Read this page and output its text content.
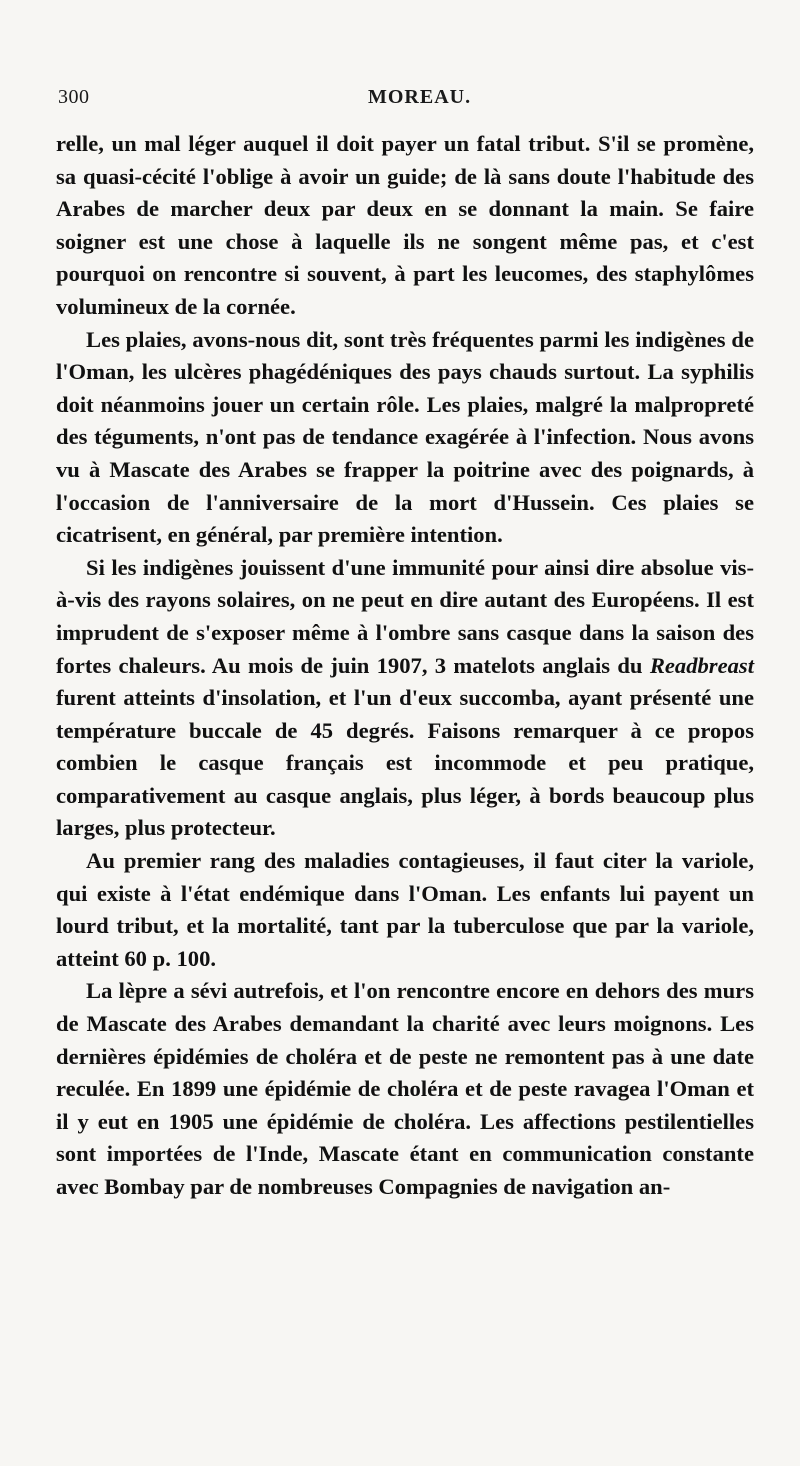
300	MOREAU.

relle, un mal léger auquel il doit payer un fatal tribut. S'il se promène, sa quasi-cécité l'oblige à avoir un guide; de là sans doute l'habitude des Arabes de marcher deux par deux en se donnant la main. Se faire soigner est une chose à laquelle ils ne songent même pas, et c'est pourquoi on rencontre si souvent, à part les leucomes, des staphylômes volumineux de la cornée.

Les plaies, avons-nous dit, sont très fréquentes parmi les indigènes de l'Oman, les ulcères phagédéniques des pays chauds surtout. La syphilis doit néanmoins jouer un certain rôle. Les plaies, malgré la malpropreté des téguments, n'ont pas de tendance exagérée à l'infection. Nous avons vu à Mascate des Arabes se frapper la poitrine avec des poignards, à l'occasion de l'anniversaire de la mort d'Hussein. Ces plaies se cicatrisent, en général, par première intention.

Si les indigènes jouissent d'une immunité pour ainsi dire absolue vis-à-vis des rayons solaires, on ne peut en dire autant des Européens. Il est imprudent de s'exposer même à l'ombre sans casque dans la saison des fortes chaleurs. Au mois de juin 1907, 3 matelots anglais du Readbreast furent atteints d'insolation, et l'un d'eux succomba, ayant présenté une température buccale de 45 degrés. Faisons remarquer à ce propos combien le casque français est incommode et peu pratique, comparativement au casque anglais, plus léger, à bords beaucoup plus larges, plus protecteur.

Au premier rang des maladies contagieuses, il faut citer la variole, qui existe à l'état endémique dans l'Oman. Les enfants lui payent un lourd tribut, et la mortalité, tant par la tuberculose que par la variole, atteint 60 p. 100.

La lèpre a sévi autrefois, et l'on rencontre encore en dehors des murs de Mascate des Arabes demandant la charité avec leurs moignons. Les dernières épidémies de choléra et de peste ne remontent pas à une date reculée. En 1899 une épidémie de choléra et de peste ravagea l'Oman et il y eut en 1905 une épidémie de choléra. Les affections pestilentielles sont importées de l'Inde, Mascate étant en communication constante avec Bombay par de nombreuses Compagnies de navigation an-
